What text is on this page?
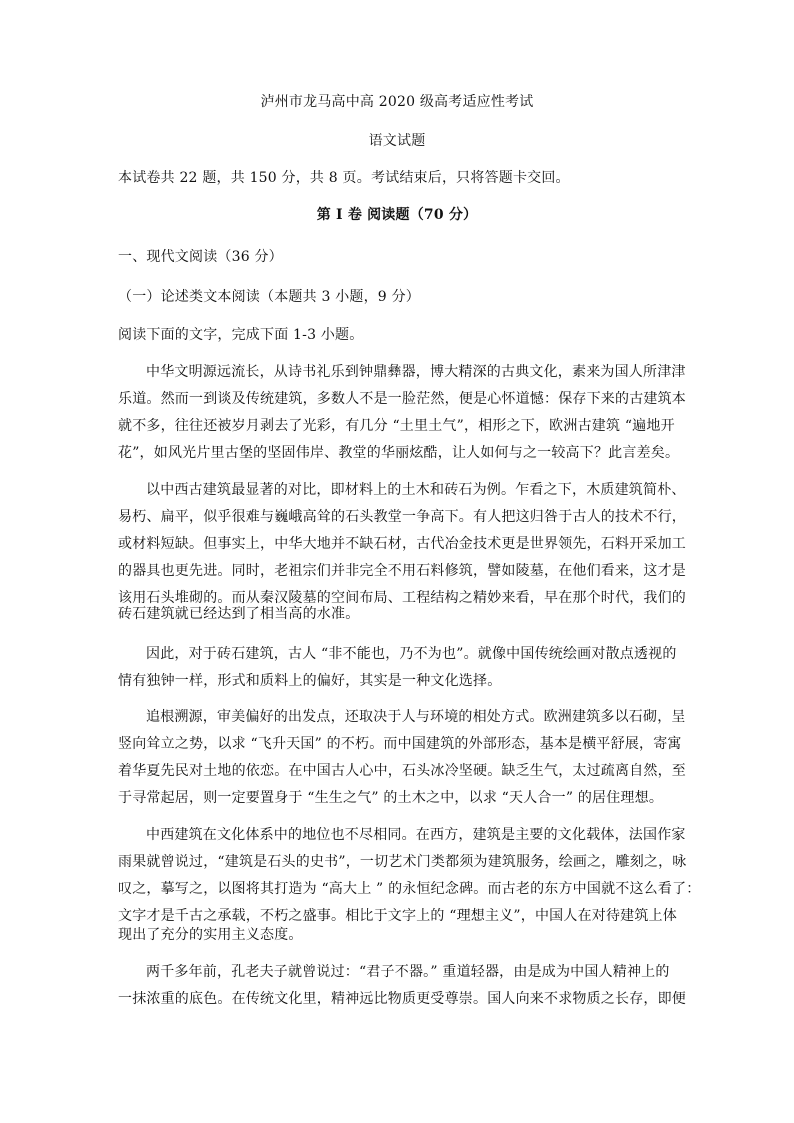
泸州市龙马高中高 2020 级高考适应性考试
语文试题
本试卷共 22 题，共 150 分，共 8 页。考试结束后，只将答题卡交回。
第 I 卷 阅读题（70 分）
一、现代文阅读（36 分）
（一）论述类文本阅读（本题共 3 小题，9 分）
阅读下面的文字，完成下面 1-3 小题。
中华文明源远流长，从诗书礼乐到钟鼎彝器，博大精深的古典文化，素来为国人所津津
乐道。然而一到谈及传统建筑，多数人不是一脸茫然，便是心怀道憾：保存下来的古建筑本
就不多，往往还被岁月剥去了光彩，有几分 “土里土气”，相形之下，欧洲古建筑 “遍地开
花”，如风光片里古堡的坚固伟岸、教堂的华丽炫酷，让人如何与之一较高下？此言差矣。
以中西古建筑最显著的对比，即材料上的土木和砖石为例。乍看之下，木质建筑简朴、
易朽、扁平，似乎很难与巍峨高耸的石头教堂一争高下。有人把这归咎于古人的技术不行，
或材料短缺。但事实上，中华大地并不缺石材，古代冶金技术更是世界领先，石料开采加工
的器具也更先进。同时，老祖宗们并非完全不用石料修筑，譬如陵墓，在他们看来，这才是
该用石头堆砌的。而从秦汉陵墓的空间布局、工程结构之精妙来看，早在那个时代，我们的
砖石建筑就已经达到了相当高的水准。
因此，对于砖石建筑，古人 “非不能也，乃不为也”。就像中国传统绘画对散点透视的
情有独钟一样，形式和质料上的偏好，其实是一种文化选择。
追根溯源，审美偏好的出发点，还取决于人与环境的相处方式。欧洲建筑多以石砌，呈
竖向耸立之势，以求 “飞升天国” 的不朽。而中国建筑的外部形态，基本是横平舒展，寄寓
着华夏先民对土地的依恋。在中国古人心中，石头冰冷坚硬。缺乏生气，太过疏离自然，至
于寻常起居，则一定要置身于 “生生之气” 的土木之中，以求 “天人合一” 的居住理想。
中西建筑在文化体系中的地位也不尽相同。在西方，建筑是主要的文化载体，法国作家
雨果就曾说过，“建筑是石头的史书”，一切艺术门类都须为建筑服务，绘画之，雕刻之，咏
叹之，摹写之，以图将其打造为 “高大上 ” 的永恒纪念碑。而古老的东方中国就不这么看了：
文字才是千古之承载，不朽之盛事。相比于文字上的 “理想主义”，中国人在对待建筑上体
现出了充分的实用主义态度。
两千多年前，孔老夫子就曾说过：“君子不器。” 重道轻器，由是成为中国人精神上的
一抹浓重的底色。在传统文化里，精神远比物质更受尊崇。国人向来不求物质之长存，即便
